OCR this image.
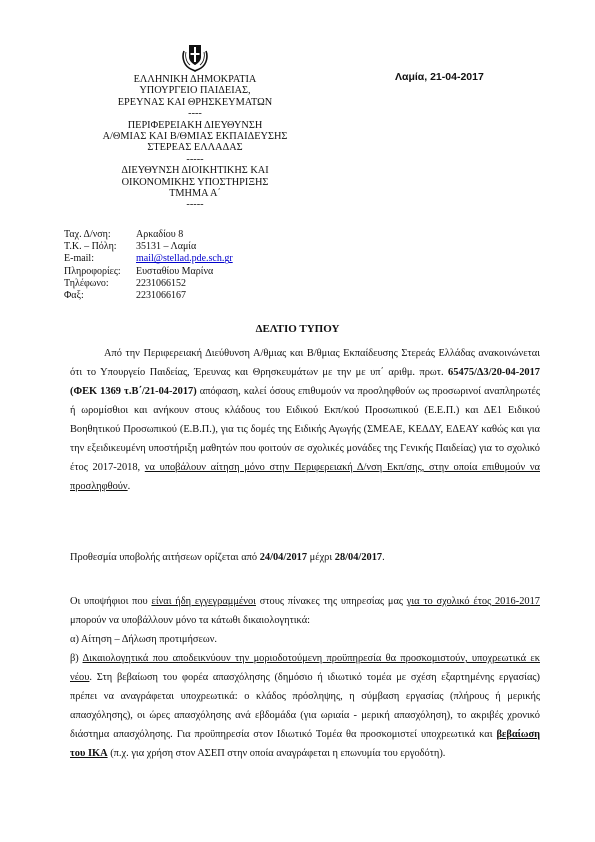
ΕΛΛΗΝΙΚΗ ΔΗΜΟΚΡΑΤΙΑ
ΥΠΟΥΡΓΕΙΟ ΠΑΙΔΕΙΑΣ,
ΕΡΕΥΝΑΣ ΚΑΙ ΘΡΗΣΚΕΥΜΑΤΩΝ
----
ΠΕΡΙΦΕΡΕΙΑΚΗ ΔΙΕΥΘΥΝΣΗ
Α/ΘΜΙΑΣ ΚΑΙ Β/ΘΜΙΑΣ ΕΚΠΑΙΔΕΥΣΗΣ
ΣΤΕΡΕΑΣ ΕΛΛΑΔΑΣ
-----
ΔΙΕΥΘΥΝΣΗ ΔΙΟΙΚΗΤΙΚΗΣ ΚΑΙ
ΟΙΚΟΝΟΜΙΚΗΣ ΥΠΟΣΤΗΡΙΞΗΣ
ΤΜΗΜΑ Α΄
-----
Λαμία, 21-04-2017
Ταχ. Δ/νση:	Αρκαδίου 8
Τ.Κ. – Πόλη:	35131 – Λαμία
E-mail:	mail@stellad.pde.sch.gr
Πληροφορίες:	Ευσταθίου Μαρίνα
Τηλέφωνο:	2231066152
Φαξ:	2231066167
ΔΕΛΤΙΟ ΤΥΠΟΥ

Από την Περιφερειακή Διεύθυνση Α/θμιας και Β/θμιας Εκπαίδευσης Στερεάς Ελλάδας ανακοινώνεται ότι το Υπουργείο Παιδείας, Έρευνας και Θρησκευμάτων με την με υπ΄ αριθμ. πρωτ. 65475/Δ3/20-04-2017 (ΦΕΚ 1369 τ.Β΄/21-04-2017) απόφαση, καλεί όσους επιθυμούν να προσληφθούν ως προσωρινοί αναπληρωτές ή ωρομίσθιοι και ανήκουν στους κλάδους του Ειδικού Εκπ/κού Προσωπικού (Ε.Ε.Π.) και ΔΕ1 Ειδικού Βοηθητικού Προσωπικού (Ε.Β.Π.), για τις δομές της Ειδικής Αγωγής (ΣΜΕΑΕ, ΚΕΔΔΥ, ΕΔΕΑΥ καθώς και για την εξειδικευμένη υποστήριξη μαθητών που φοιτούν σε σχολικές μονάδες της Γενικής Παιδείας) για το σχολικό έτος 2017-2018, να υποβάλουν αίτηση μόνο στην Περιφερειακή Δ/νση Εκπ/σης, στην οποία επιθυμούν να προσληφθούν.

Προθεσμία υποβολής αιτήσεων ορίζεται από 24/04/2017 μέχρι 28/04/2017.

Οι υποψήφιοι που είναι ήδη εγγεγραμμένοι στους πίνακες της υπηρεσίας μας για το σχολικό έτος 2016-2017 μπορούν να υποβάλλουν μόνο τα κάτωθι δικαιολογητικά:

α) Αίτηση – Δήλωση προτιμήσεων.

β) Δικαιολογητικά που αποδεικνύουν την μοριοδοτούμενη προϋπηρεσία θα προσκομιστούν, υποχρεωτικά εκ νέου. Στη βεβαίωση του φορέα απασχόλησης (δημόσιο ή ιδιωτικό τομέα με σχέση εξαρτημένης εργασίας) πρέπει να αναγράφεται υποχρεωτικά: ο κλάδος πρόσληψης, η σύμβαση εργασίας (πλήρους ή μερικής απασχόλησης), οι ώρες απασχόλησης ανά εβδομάδα (για ωριαία - μερική απασχόληση), το ακριβές χρονικό διάστημα απασχόλησης. Για προϋπηρεσία στον Ιδιωτικό Τομέα θα προσκομιστεί υποχρεωτικά και βεβαίωση του ΙΚΑ (π.χ. για χρήση στον ΑΣΕΠ στην οποία αναγράφεται η επωνυμία του εργοδότη).
